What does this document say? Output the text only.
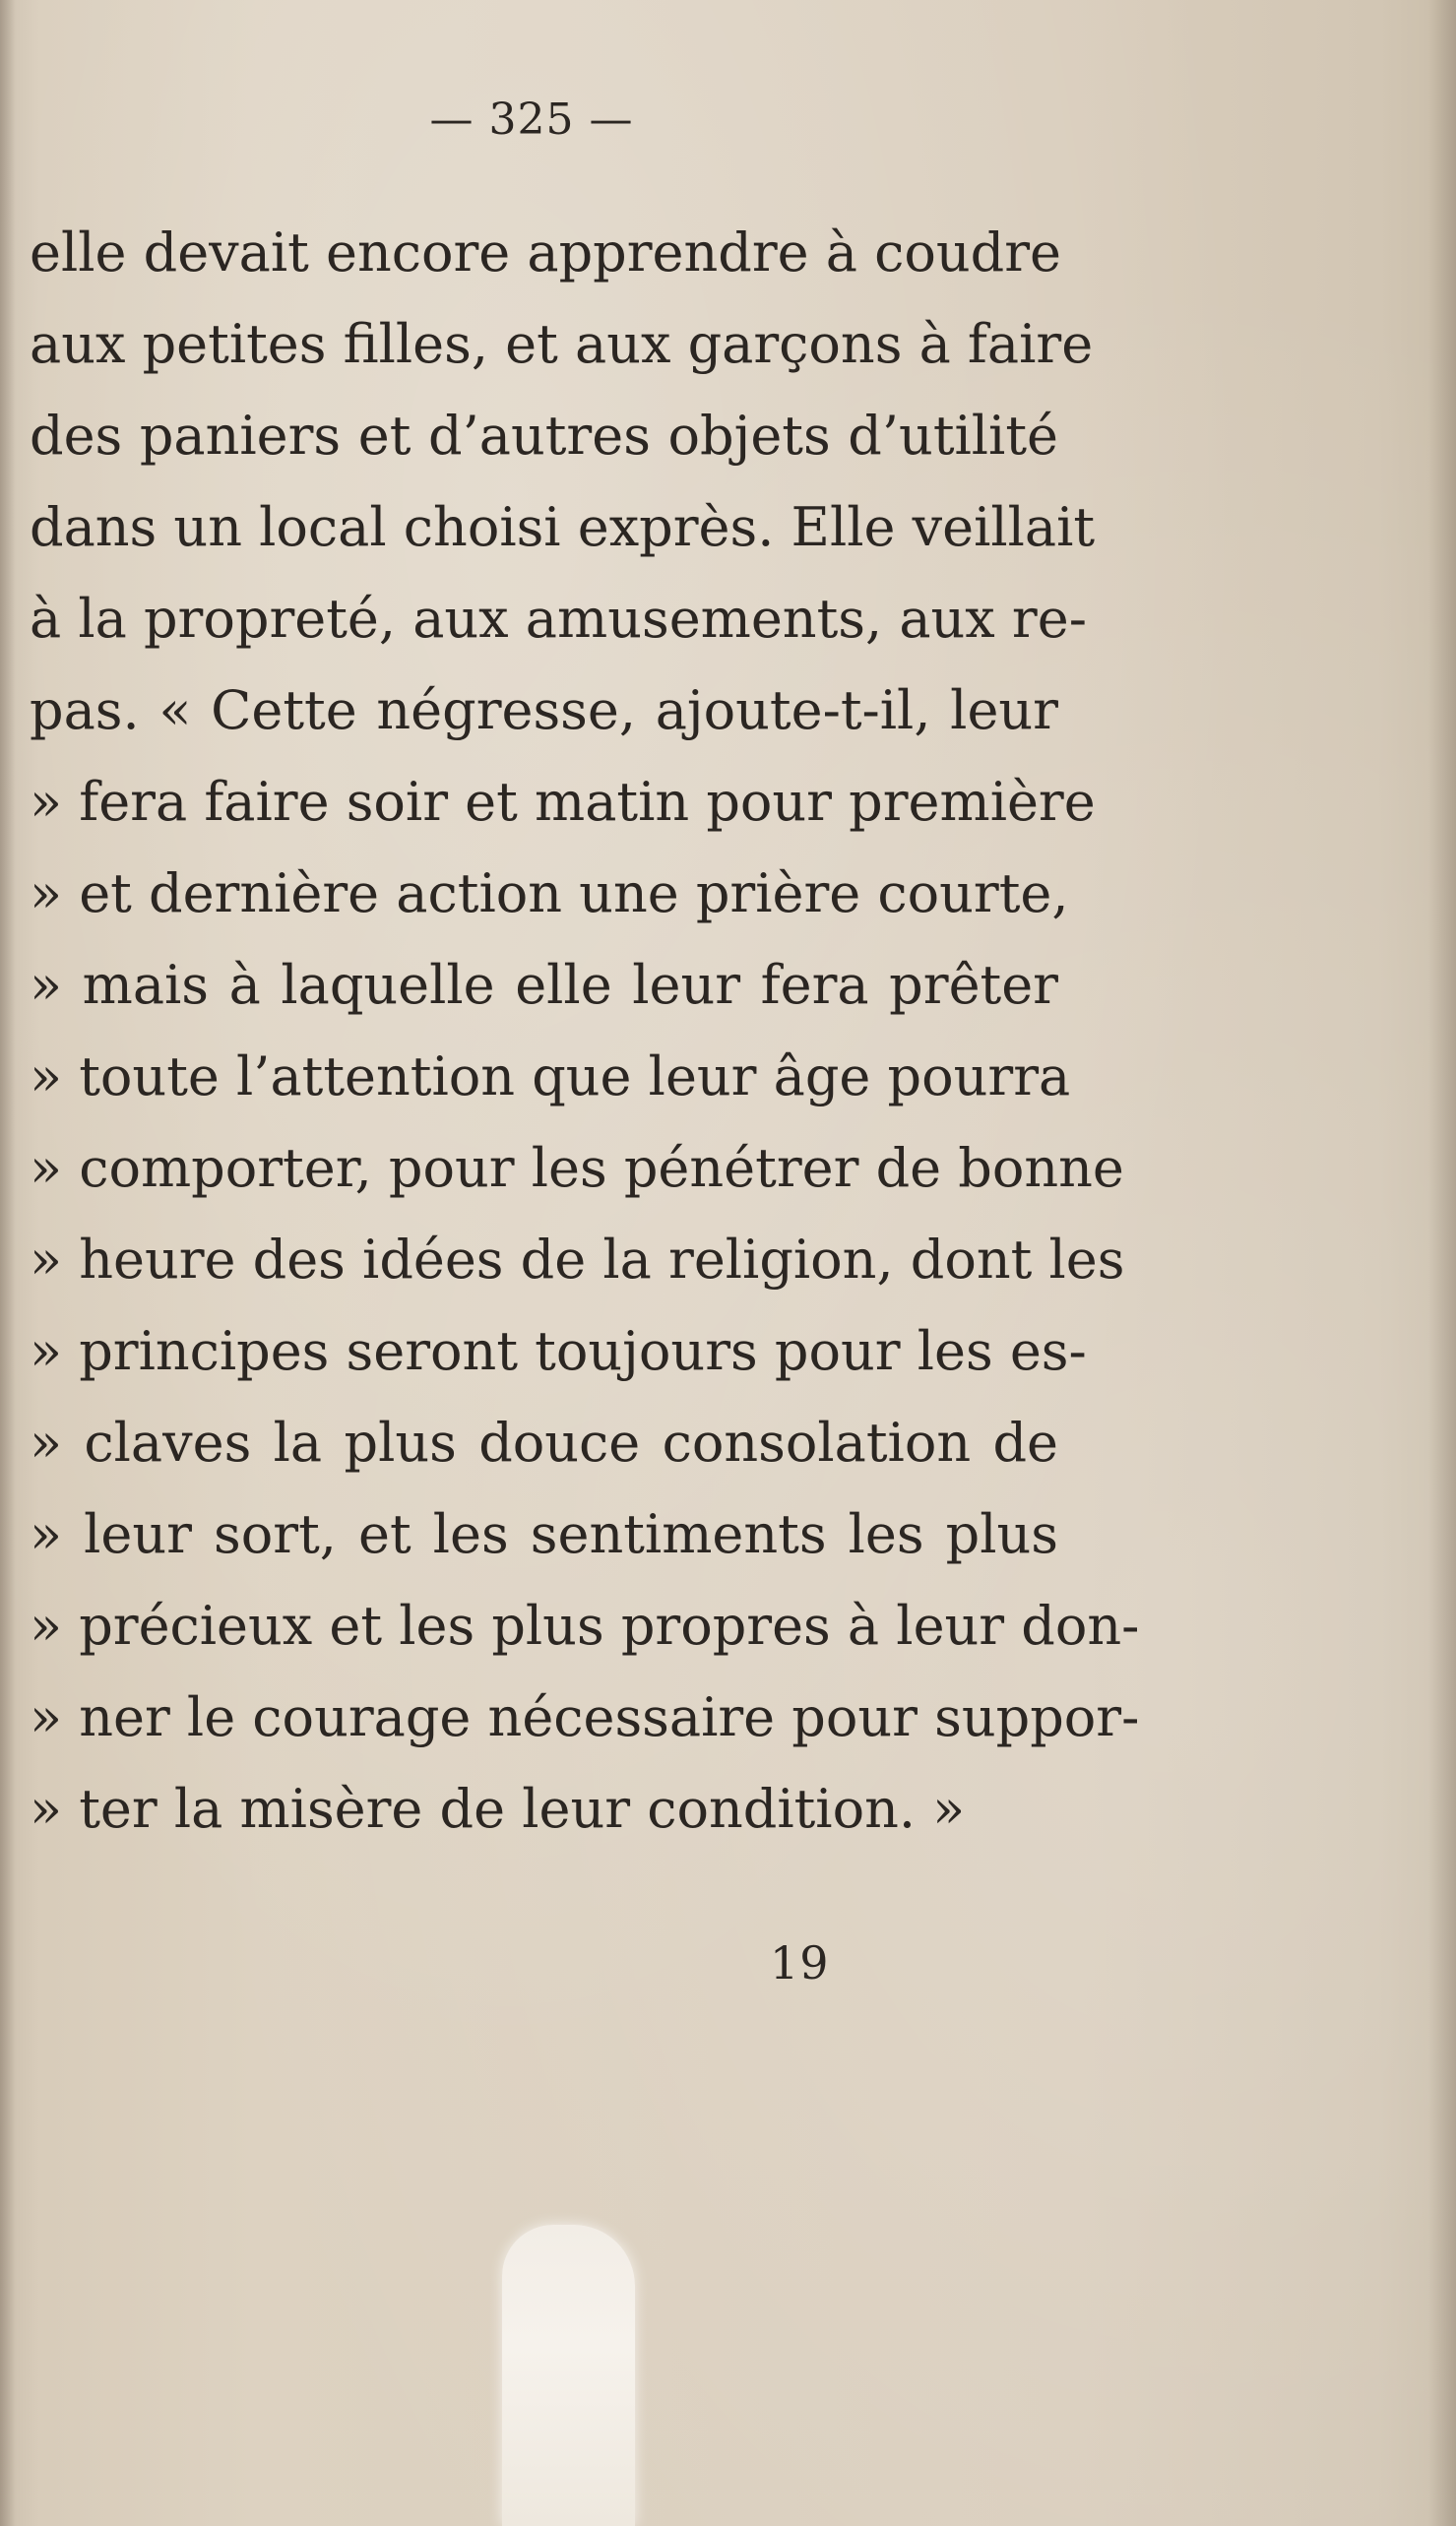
— 325 —
elle devait encore apprendre à coudre
aux petites filles, et aux garçons à faire
des paniers et d’autres objets d’utilité
dans un local choisi exprès. Elle veillait
à la propreté, aux amusements, aux re-
pas. « Cette négresse, ajoute-t-il, leur
» fera faire soir et matin pour première
» et dernière action une prière courte,
» mais à laquelle elle leur fera prêter
» toute l’attention que leur âge pourra
» comporter, pour les pénétrer de bonne
» heure des idées de la religion, dont les
» principes seront toujours pour les es-
» claves la plus douce consolation de
» leur sort, et les sentiments les plus
» précieux et les plus propres à leur don-
» ner le courage nécessaire pour suppor-
» ter la misère de leur condition. »
19
